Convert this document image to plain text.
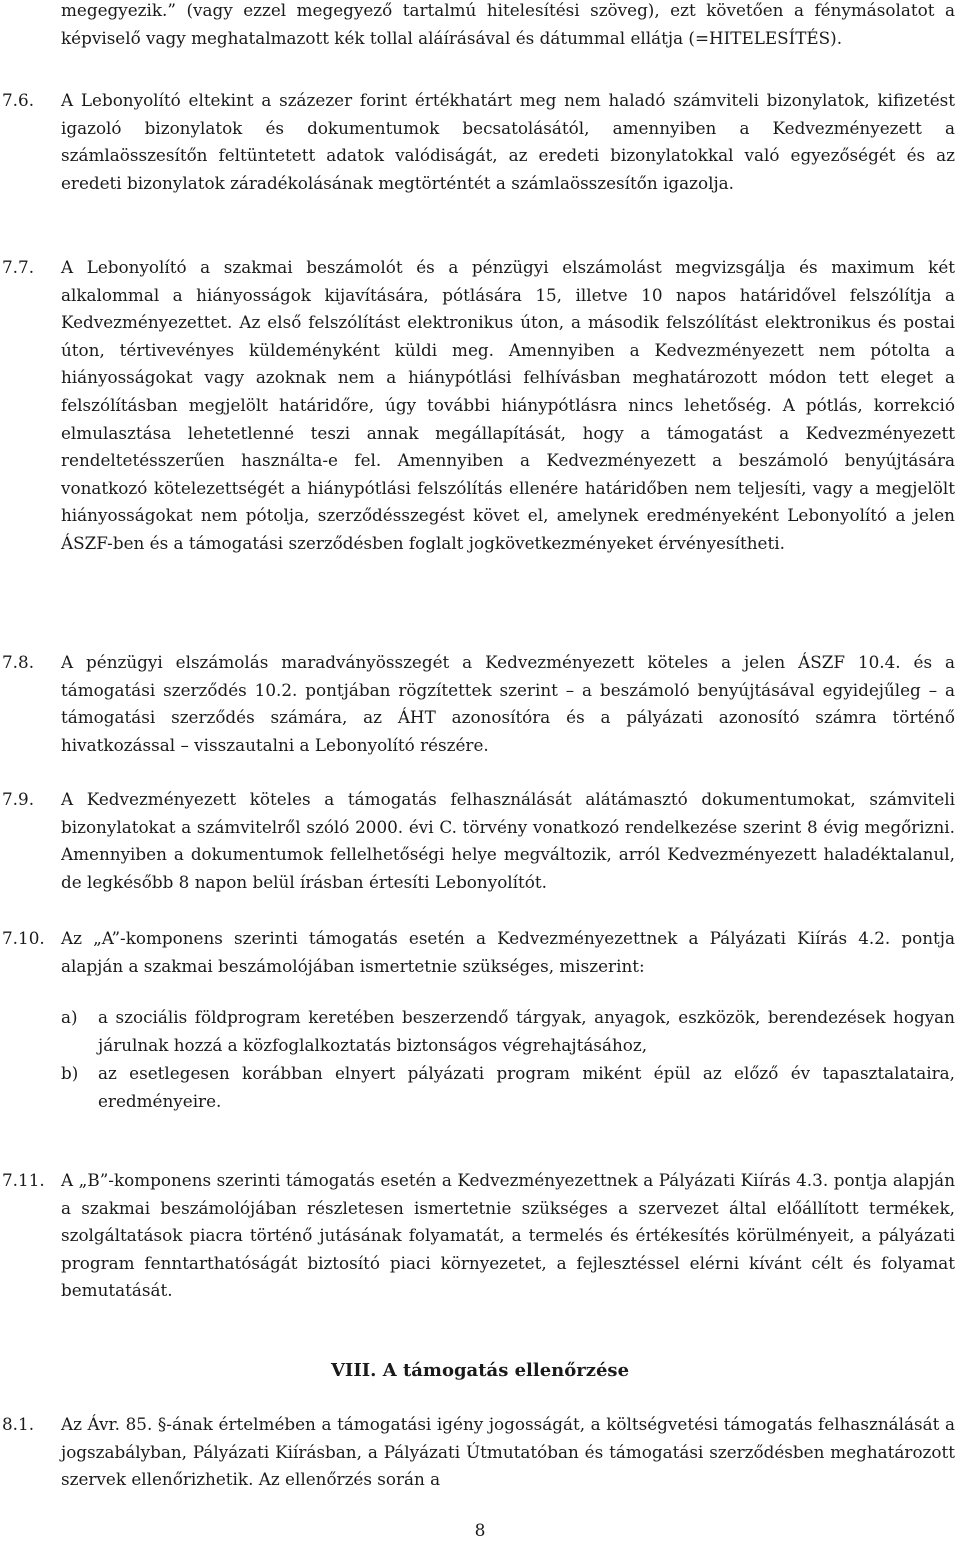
megegyezik.” (vagy ezzel megegyező tartalmú hitelesítési szöveg), ezt követően a fénymásolatot a képviselő vagy meghatalmazott kék tollal aláírásával és dátummal ellátja (=HITELESÍTÉS).

7.6. A Lebonyolító eltekint a százezer forint értékhatárt meg nem haladó számviteli bizonylatok, kifizetést igazoló bizonylatok és dokumentumok becsatolásától, amennyiben a Kedvezményezett a számlaösszesítőn feltüntetett adatok valódiságát, az eredeti bizonylatokkal való egyezőségét és az eredeti bizonylatok záradékolásának megtörténtét a számlaösszesítőn igazolja.

7.7. A Lebonyolító a szakmai beszámolót és a pénzügyi elszámolást megvizsgálja és maximum két alkalommal a hiányosságok kijavítására, pótlására 15, illetve 10 napos határidővel felszólítja a Kedvezményezettet. Az első felszólítást elektronikus úton, a második felszólítást elektronikus és postai úton, tértivevényes küldeményként küldi meg. Amennyiben a Kedvezményezett nem pótolta a hiányosságokat vagy azoknak nem a hiánypótlási felhívásban meghatározott módon tett eleget a felszólításban megjelölt határidőre, úgy további hiánypótlásra nincs lehetőség. A pótlás, korrekció elmulasztása lehetetlenné teszi annak megállapítását, hogy a támogatást a Kedvezményezett rendeltetésszerűen használta-e fel. Amennyiben a Kedvezményezett a beszámoló benyújtására vonatkozó kötelezettségét a hiánypótlási felszólítás ellenére határidőben nem teljesíti, vagy a megjelölt hiányosságokat nem pótolja, szerződésszegést követ el, amelynek eredményeként Lebonyolító a jelen ÁSZF-ben és a támogatási szerződésben foglalt jogkövetkezményeket érvényesítheti.

7.8. A pénzügyi elszámolás maradványösszegét a Kedvezményezett köteles a jelen ÁSZF 10.4. és a támogatási szerződés 10.2. pontjában rögzítettek szerint – a beszámoló benyújtásával egyidejűleg – a támogatási szerződés számára, az ÁHT azonosítóra és a pályázati azonosító számra történő hivatkozással – visszautalni a Lebonyolító részére.

7.9. A Kedvezményezett köteles a támogatás felhasználását alátámasztó dokumentumokat, számviteli bizonylatokat a számvitelről szóló 2000. évi C. törvény vonatkozó rendelkezése szerint 8 évig megőrizni. Amennyiben a dokumentumok fellelhetőségi helye megváltozik, arról Kedvezményezett haladéktalanul, de legkésőbb 8 napon belül írásban értesíti Lebonyolítót.

7.10. Az „A”-komponens szerinti támogatás esetén a Kedvezményezettnek a Pályázati Kiírás 4.2. pontja alapján a szakmai beszámolójában ismertetnie szükséges, miszerint:

a) a szociális földprogram keretében beszerzendő tárgyak, anyagok, eszközök, berendezések hogyan járulnak hozzá a közfoglalkoztatás biztonságos végrehajtásához,

b) az esetlegesen korábban elnyert pályázati program miként épül az előző év tapasztalataira, eredményeire.

7.11. A „B”-komponens szerinti támogatás esetén a Kedvezményezettnek a Pályázati Kiírás 4.3. pontja alapján a szakmai beszámolójában részletesen ismertetnie szükséges a szervezet által előállított termékek, szolgáltatások piacra történő jutásának folyamatát, a termelés és értékesítés körülményeit, a pályázati program fenntarthatóságát biztosító piaci környezetet, a fejlesztéssel elérni kívánt célt és folyamat bemutatását.

VIII. A támogatás ellenőrzése
8.1. Az Ávr. 85. §-ának értelmében a támogatási igény jogosságát, a költségvetési támogatás felhasználását a jogszabályban, Pályázati Kiírásban, a Pályázati Útmutatóban és támogatási szerződésben meghatározott szervek ellenőrizhetik. Az ellenőrzés során a

8
